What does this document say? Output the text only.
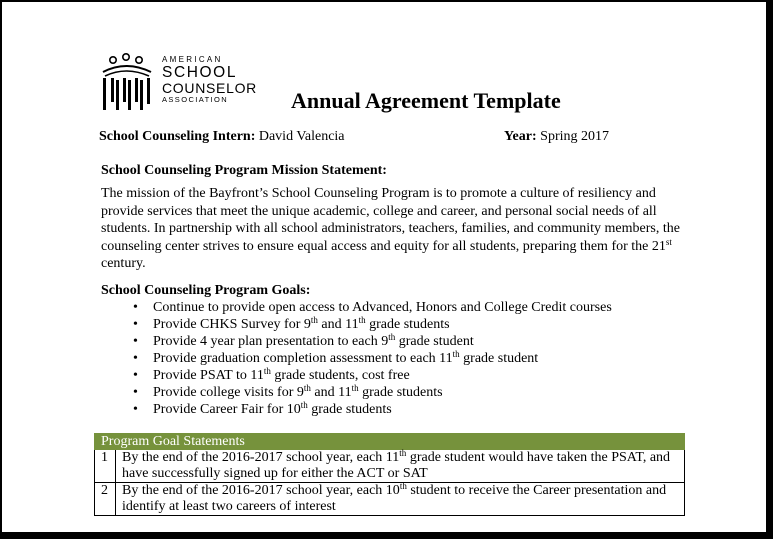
AMERICAN
SCHOOL
COUNSELOR
ASSOCIATION	Annual Agreement Template
School Counseling Intern: David Valencia	Year: Spring 2017
School Counseling Program Mission Statement:
The mission of the Bayfront’s School Counseling Program is to promote a culture of resiliency and provide services that meet the unique academic, college and career, and personal social needs of all students. In partnership with all school administrators, teachers, families, and community members, the counseling center strives to ensure equal access and equity for all students, preparing them for the 21st century.
School Counseling Program Goals:
• Continue to provide open access to Advanced, Honors and College Credit courses
• Provide CHKS Survey for 9th and 11th grade students
• Provide 4 year plan presentation to each 9th grade student
• Provide graduation completion assessment to each 11th grade student
• Provide PSAT to 11th grade students, cost free
• Provide college visits for 9th and 11th grade students
• Provide Career Fair for 10th grade students
Program Goal Statements	
1	By the end of the 2016-2017 school year, each 11th grade student would have taken the PSAT, and have successfully signed up for either the ACT or SAT
2	By the end of the 2016-2017 school year, each 10th student to receive the Career presentation and identify at least two careers of interest
